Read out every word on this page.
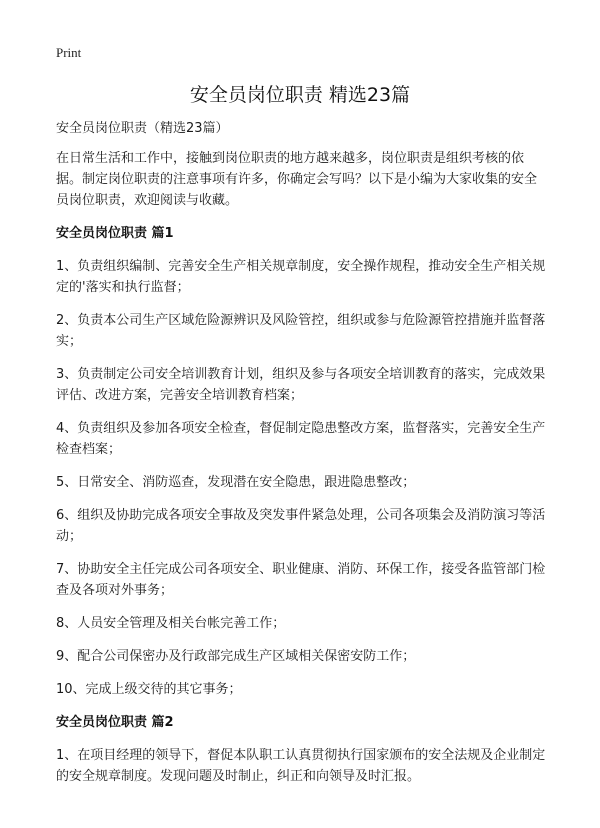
Print
安全员岗位职责 精选23篇

安全员岗位职责（精选23篇）

在日常生活和工作中，接触到岗位职责的地方越来越多，岗位职责是组织考核的依据。制定岗位职责的注意事项有许多，你确定会写吗？以下是小编为大家收集的安全员岗位职责，欢迎阅读与收藏。

安全员岗位职责 篇1

1、负责组织编制、完善安全生产相关规章制度，安全操作规程，推动安全生产相关规定的'落实和执行监督；

2、负责本公司生产区域危险源辨识及风险管控，组织或参与危险源管控措施并监督落实；

3、负责制定公司安全培训教育计划，组织及参与各项安全培训教育的落实，完成效果评估、改进方案，完善安全培训教育档案；

4、负责组织及参加各项安全检查，督促制定隐患整改方案，监督落实，完善安全生产检查档案；

5、日常安全、消防巡查，发现潜在安全隐患，跟进隐患整改；

6、组织及协助完成各项安全事故及突发事件紧急处理，公司各项集会及消防演习等活动；

7、协助安全主任完成公司各项安全、职业健康、消防、环保工作，接受各监管部门检查及各项对外事务；

8、人员安全管理及相关台帐完善工作；

9、配合公司保密办及行政部完成生产区域相关保密安防工作；

10、完成上级交待的其它事务；

安全员岗位职责 篇2

1、在项目经理的领导下，督促本队职工认真贯彻执行国家颁布的安全法规及企业制定的安全规章制度。发现问题及时制止，纠正和向领导及时汇报。
